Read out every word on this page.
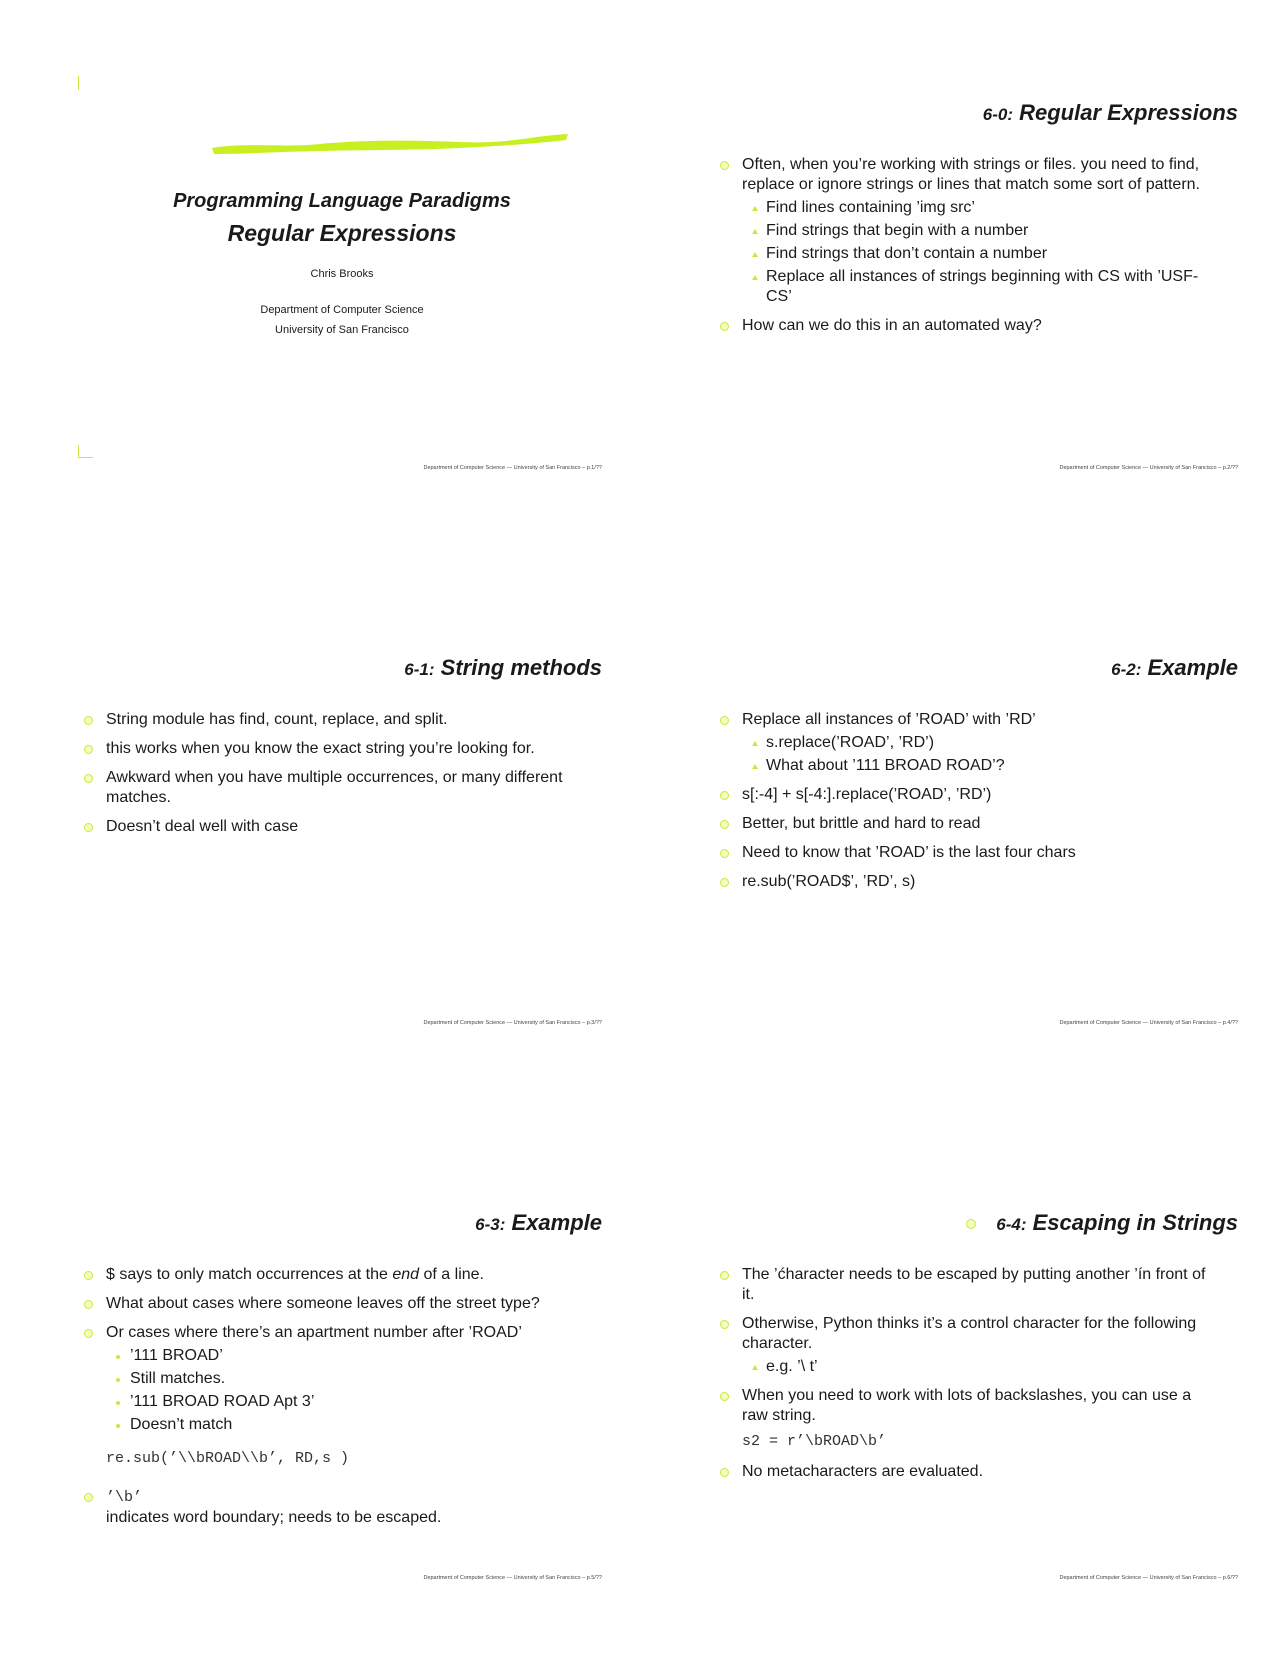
Programming Language Paradigms
Regular Expressions
Chris Brooks
Department of Computer Science
University of San Francisco
Department of Computer Science — University of San Francisco – p.1/??
6-0: Regular Expressions
Often, when you’re working with strings or files. you need to find, replace or ignore strings or lines that match some sort of pattern.
Find lines containing ’img src’
Find strings that begin with a number
Find strings that don’t contain a number
Replace all instances of strings beginning with CS with ’USF-CS’
How can we do this in an automated way?
Department of Computer Science — University of San Francisco – p.2/??
6-1: String methods
String module has find, count, replace, and split.
this works when you know the exact string you’re looking for.
Awkward when you have multiple occurrences, or many different matches.
Doesn’t deal well with case
Department of Computer Science — University of San Francisco – p.3/??
6-2: Example
Replace all instances of ’ROAD’ with ’RD’
s.replace(’ROAD’, ’RD’)
What about ’111 BROAD ROAD’?
s[:-4] + s[-4:].replace(’ROAD’, ’RD’)
Better, but brittle and hard to read
Need to know that ’ROAD’ is the last four chars
re.sub(’ROAD$’, ’RD’, s)
Department of Computer Science — University of San Francisco – p.4/??
6-3: Example
$ says to only match occurrences at the end of a line.
What about cases where someone leaves off the street type?
Or cases where there’s an apartment number after ’ROAD’
’111 BROAD’
Still matches.
’111 BROAD ROAD Apt 3’
Doesn’t match
re.sub(’\\bROAD\\b’, RD,s )
’\b’
indicates word boundary; needs to be escaped.
Department of Computer Science — University of San Francisco – p.5/??
6-4: Escaping in Strings
The ’ćharacter needs to be escaped by putting another ’ín front of it.
Otherwise, Python thinks it’s a control character for the following character.
e.g. ’\ t’
When you need to work with lots of backslashes, you can use a raw string.
s2 = r’\bROAD\b’
No metacharacters are evaluated.
Department of Computer Science — University of San Francisco – p.6/??
